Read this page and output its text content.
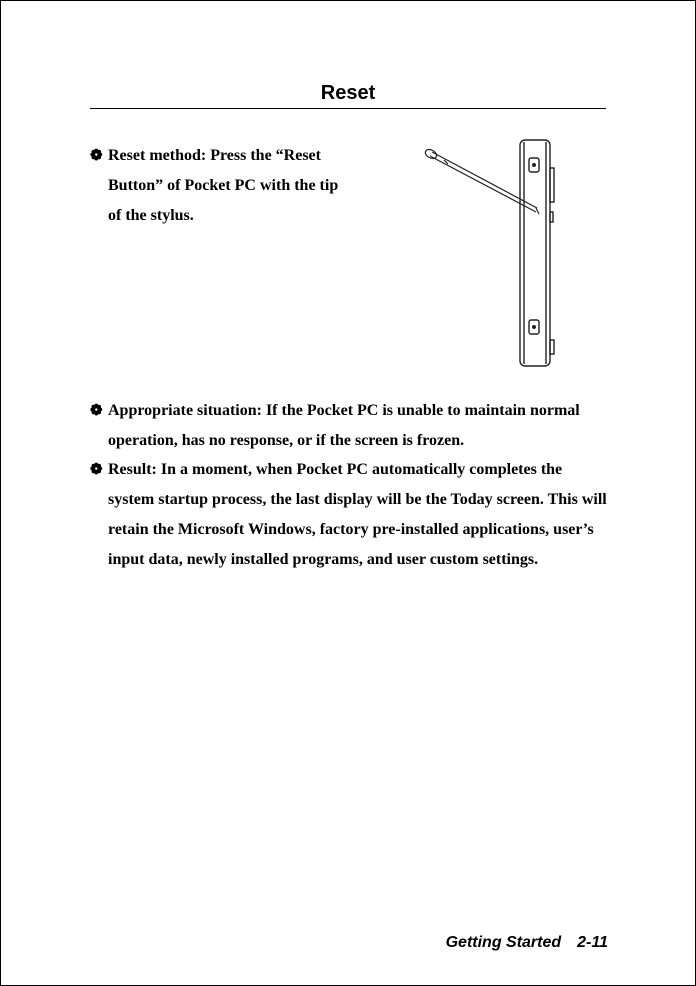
Reset
❁ Reset method: Press the “Reset Button” of Pocket PC with the tip of the stylus.
❁ Appropriate situation: If the Pocket PC is unable to maintain normal operation, has no response, or if the screen is frozen.
❁ Result: In a moment, when Pocket PC automatically completes the system startup process, the last display will be the Today screen. This will retain the Microsoft Windows, factory pre-installed applications, user’s input data, newly installed programs, and user custom settings.
Getting Started 2-11
